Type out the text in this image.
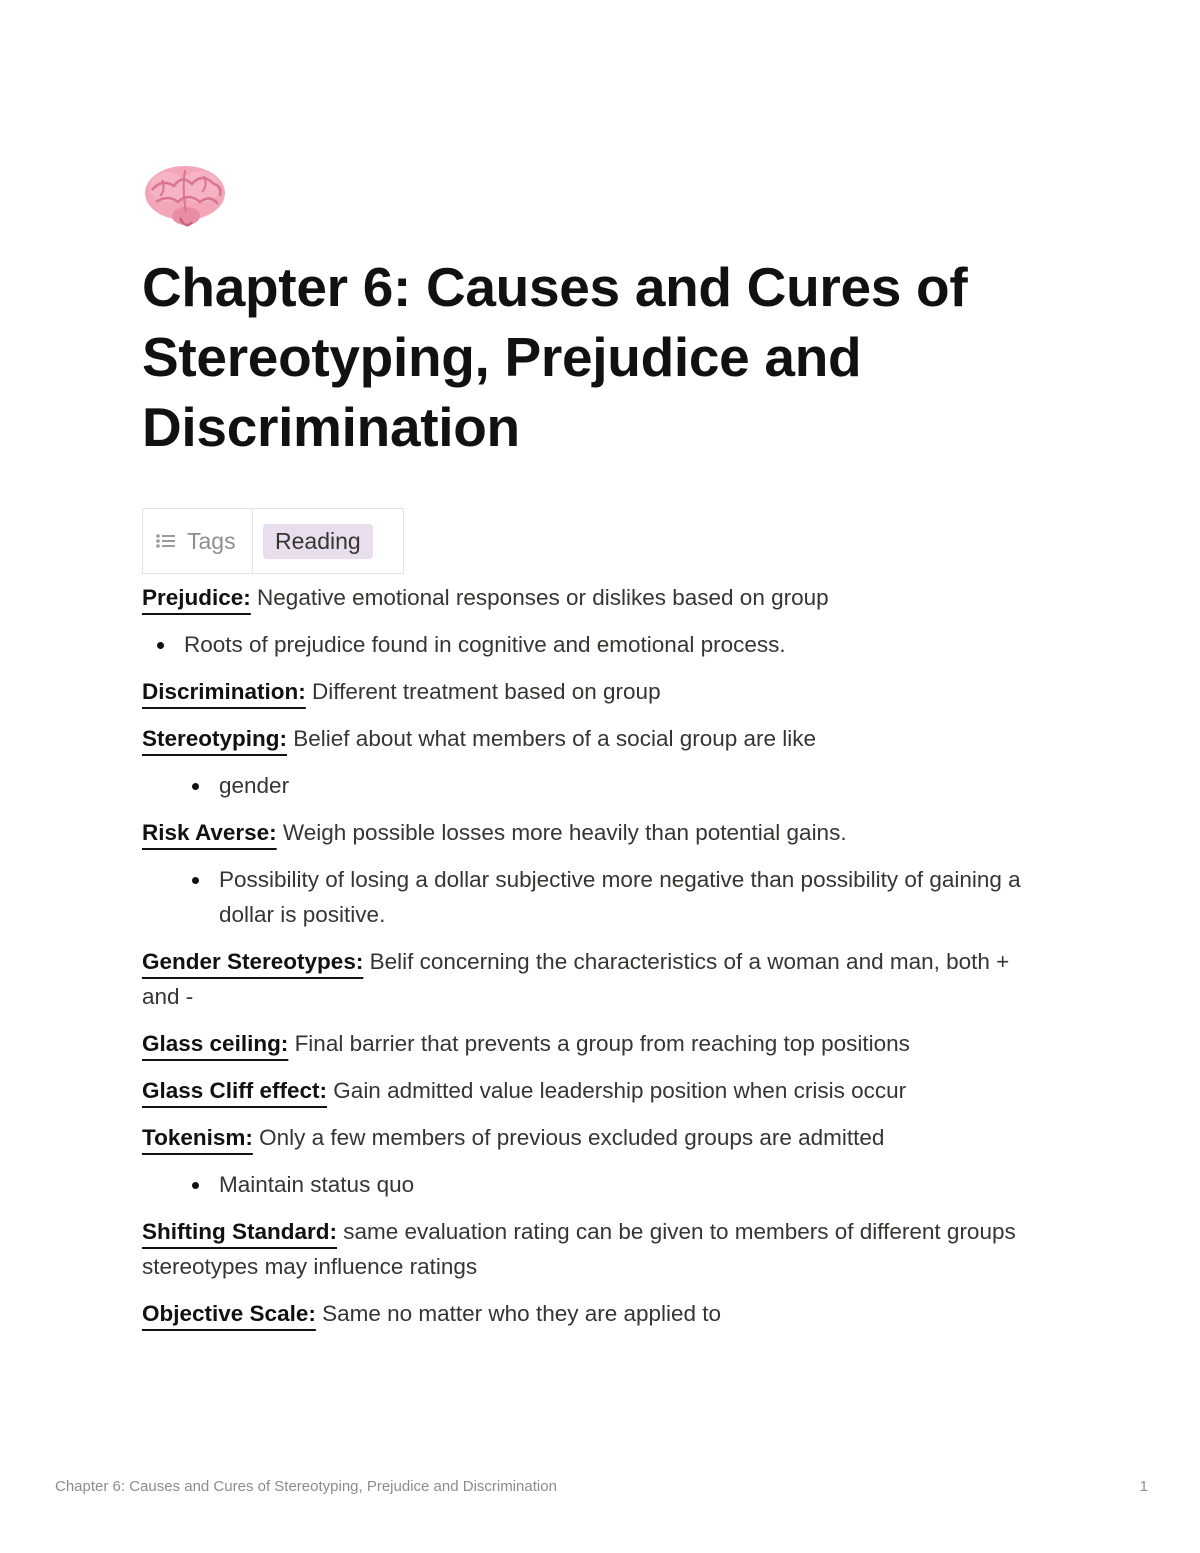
Chapter 6: Causes and Cures of Stereotyping, Prejudice and Discrimination
Tags	Reading

Prejudice: Negative emotional responses or dislikes based on group

Roots of prejudice found in cognitive and emotional process.

Discrimination: Different treatment based on group

Stereotyping: Belief about what members of a social group are like

gender

Risk Averse: Weigh possible losses more heavily than potential gains.

Possibility of losing a dollar subjective more negative than possibility of gaining a dollar is positive.

Gender Stereotypes: Belif concerning the characteristics of a woman and man, both + and -

Glass ceiling: Final barrier that prevents a group from reaching top positions

Glass Cliff effect: Gain admitted value leadership position when crisis occur

Tokenism: Only a few members of previous excluded groups are admitted

Maintain status quo

Shifting Standard: same evaluation rating can be given to members of different groups stereotypes may influence ratings

Objective Scale: Same no matter who they are applied to

Chapter 6: Causes and Cures of Stereotyping, Prejudice and Discrimination	1
